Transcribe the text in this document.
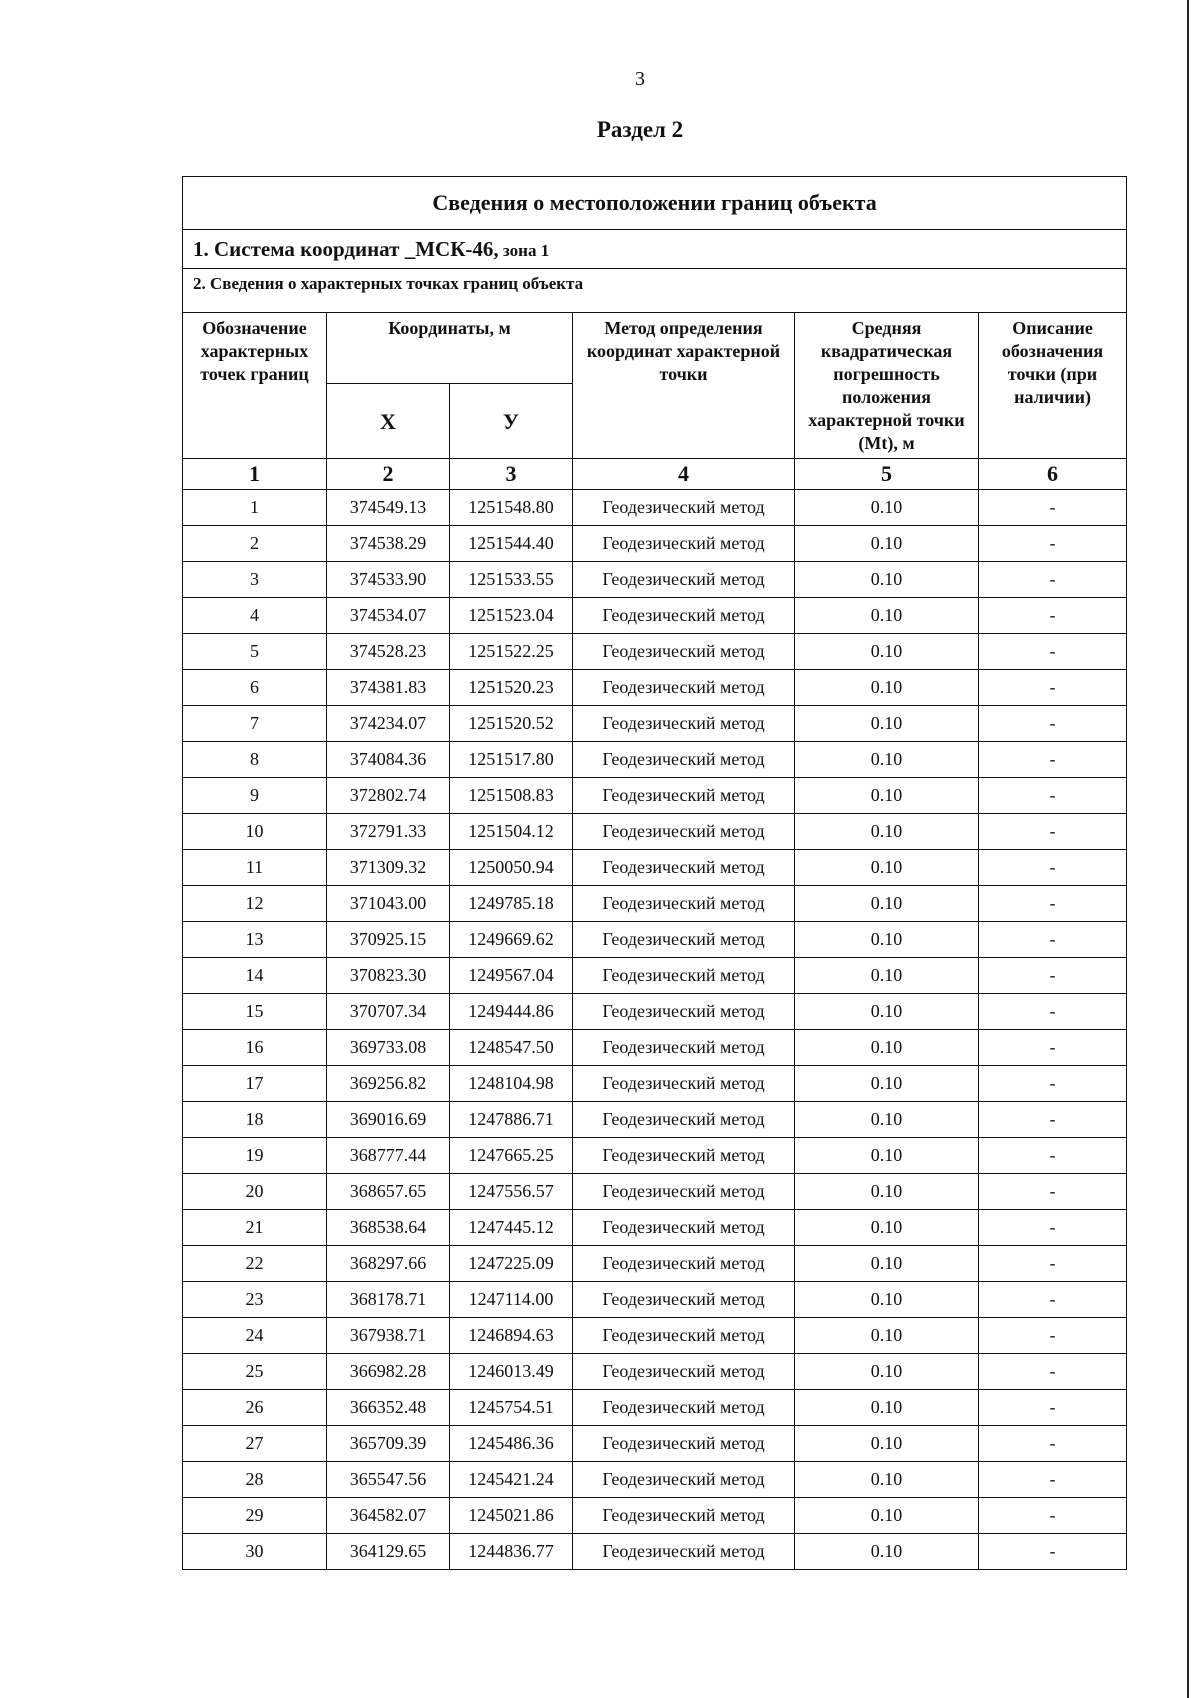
3
Раздел 2
Сведения о местоположении границ объекта					
1. Система координат _МСК-46, зона 1					
2. Сведения о характерных точках границ объекта					
Обозначение характерных точек границ	Координаты, м		Метод определения координат характерной точки	Средняя квадратическая погрешность положения характерной точки (Mt), м	Описание обозначения точки (при наличии)
	X	У			
1	2	3	4	5	6
1	374549.13	1251548.80	Геодезический метод	0.10	-
2	374538.29	1251544.40	Геодезический метод	0.10	-
3	374533.90	1251533.55	Геодезический метод	0.10	-
4	374534.07	1251523.04	Геодезический метод	0.10	-
5	374528.23	1251522.25	Геодезический метод	0.10	-
6	374381.83	1251520.23	Геодезический метод	0.10	-
7	374234.07	1251520.52	Геодезический метод	0.10	-
8	374084.36	1251517.80	Геодезический метод	0.10	-
9	372802.74	1251508.83	Геодезический метод	0.10	-
10	372791.33	1251504.12	Геодезический метод	0.10	-
11	371309.32	1250050.94	Геодезический метод	0.10	-
12	371043.00	1249785.18	Геодезический метод	0.10	-
13	370925.15	1249669.62	Геодезический метод	0.10	-
14	370823.30	1249567.04	Геодезический метод	0.10	-
15	370707.34	1249444.86	Геодезический метод	0.10	-
16	369733.08	1248547.50	Геодезический метод	0.10	-
17	369256.82	1248104.98	Геодезический метод	0.10	-
18	369016.69	1247886.71	Геодезический метод	0.10	-
19	368777.44	1247665.25	Геодезический метод	0.10	-
20	368657.65	1247556.57	Геодезический метод	0.10	-
21	368538.64	1247445.12	Геодезический метод	0.10	-
22	368297.66	1247225.09	Геодезический метод	0.10	-
23	368178.71	1247114.00	Геодезический метод	0.10	-
24	367938.71	1246894.63	Геодезический метод	0.10	-
25	366982.28	1246013.49	Геодезический метод	0.10	-
26	366352.48	1245754.51	Геодезический метод	0.10	-
27	365709.39	1245486.36	Геодезический метод	0.10	-
28	365547.56	1245421.24	Геодезический метод	0.10	-
29	364582.07	1245021.86	Геодезический метод	0.10	-
30	364129.65	1244836.77	Геодезический метод	0.10	-
